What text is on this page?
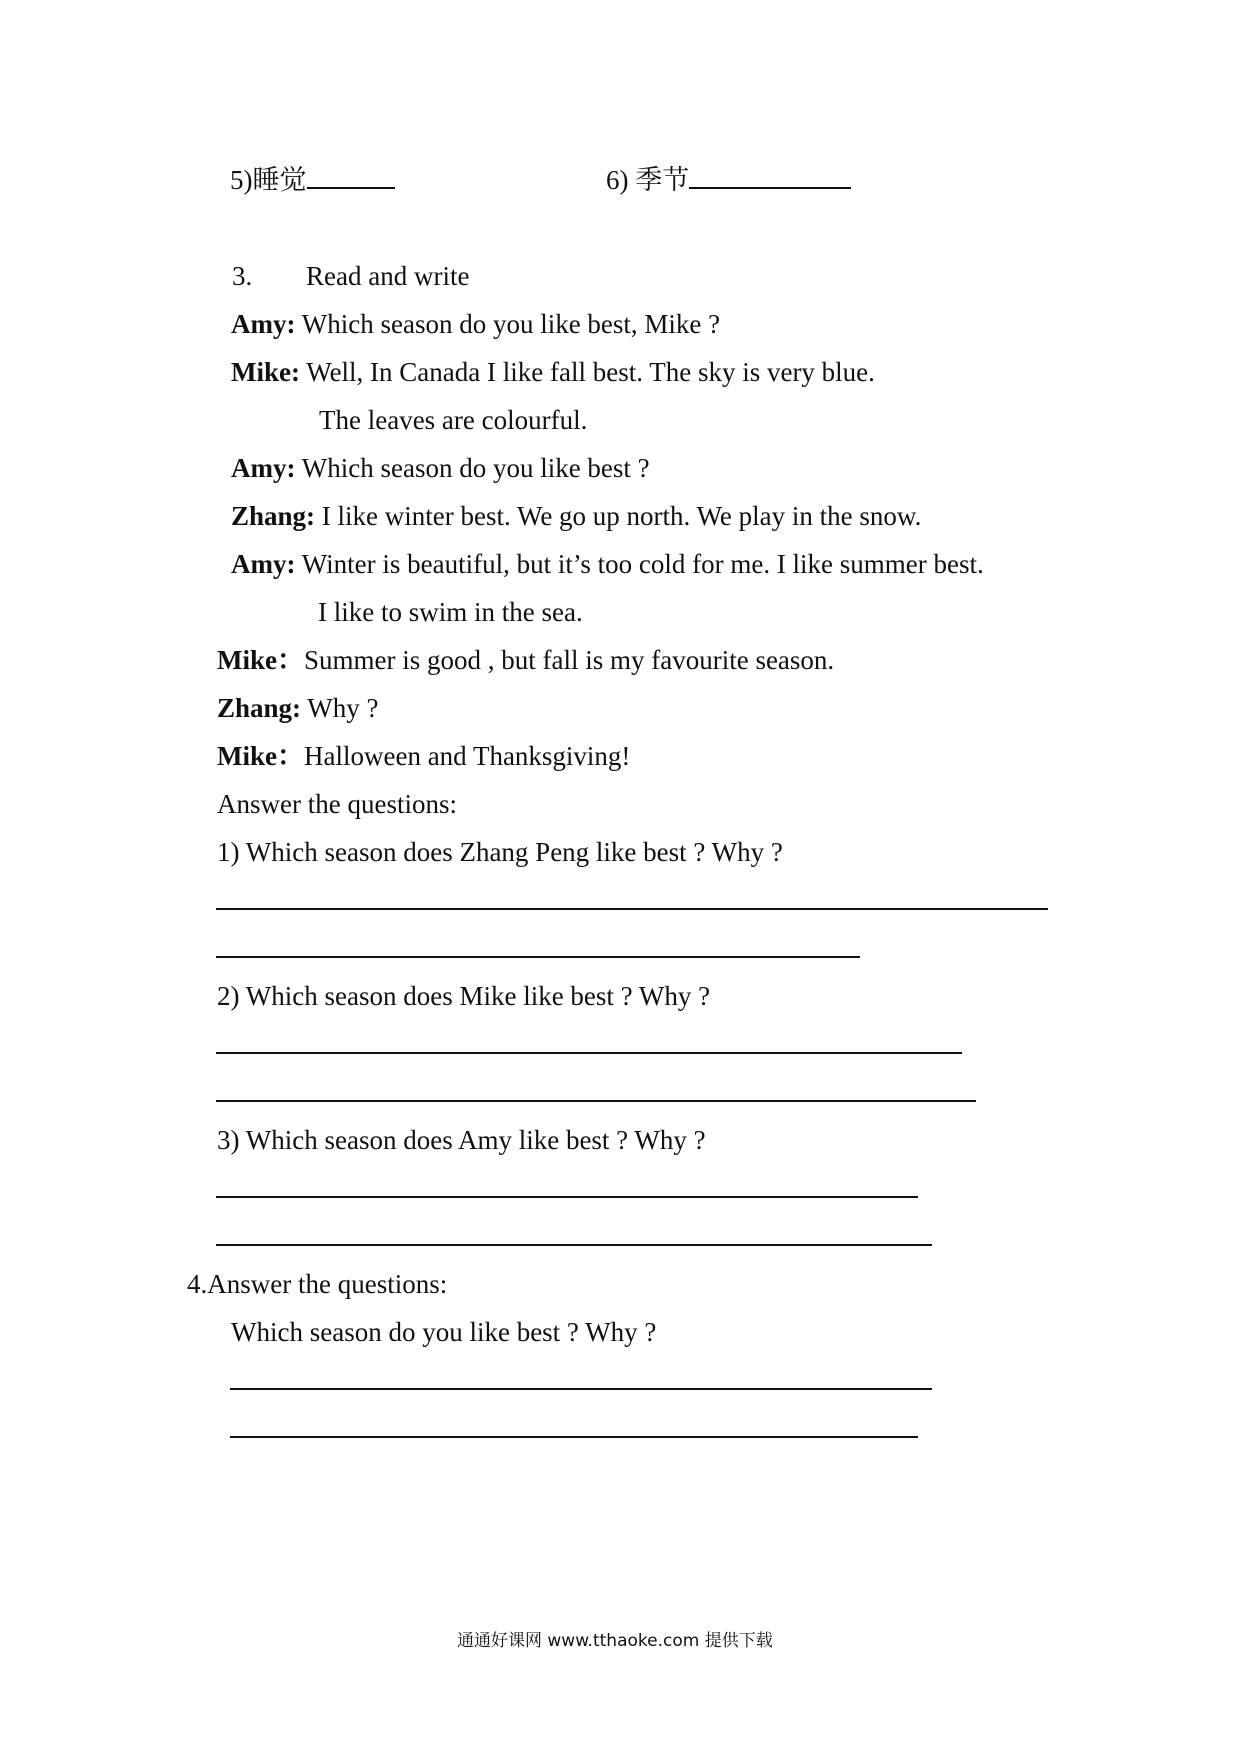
5)睡觉	6) 季节
3. Read and write
Amy: Which season do you like best, Mike ?
Mike: Well, In Canada I like fall best. The sky is very blue.
The leaves are colourful.
Amy: Which season do you like best ?
Zhang: I like winter best. We go up north. We play in the snow.
Amy: Winter is beautiful, but it’s too cold for me. I like summer best.
I like to swim in the sea.
Mike：Summer is good , but fall is my favourite season.
Zhang: Why ?
Mike：Halloween and Thanksgiving!
Answer the questions:
1) Which season does Zhang Peng like best ? Why ?
2) Which season does Mike like best ? Why ?
3) Which season does Amy like best ? Why ?
4.Answer the questions:
Which season do you like best ? Why ?
通通好课网 www.tthaoke.com 提供下载
